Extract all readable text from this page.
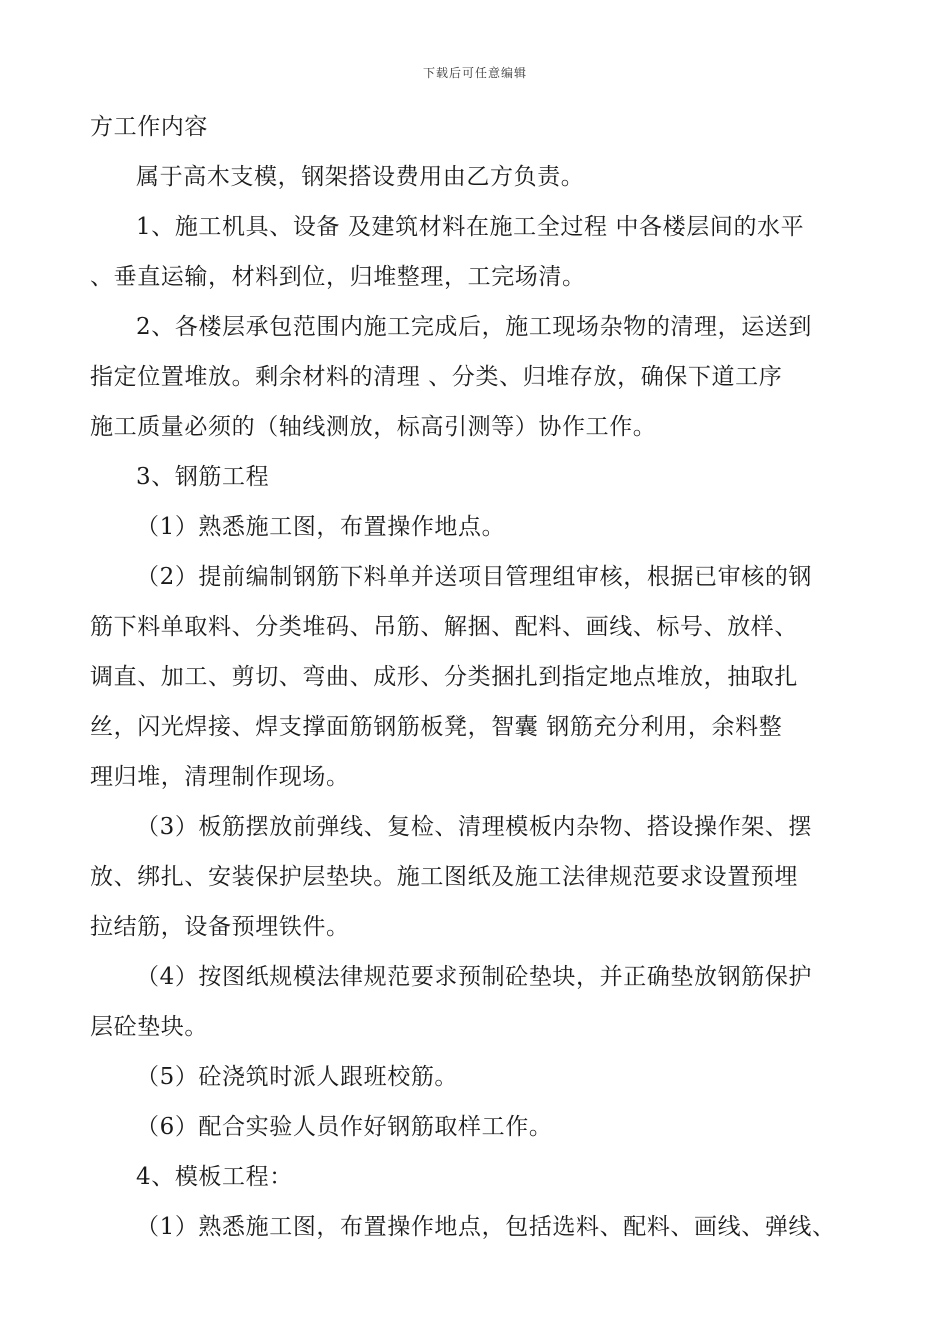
下载后可任意编辑
方工作内容
属于高木支模，钢架搭设费用由乙方负责。
1、施工机具、设备 及建筑材料在施工全过程 中各楼层间的水平
、垂直运输，材料到位，归堆整理，工完场清。
2、各楼层承包范围内施工完成后，施工现场杂物的清理，运送到
指定位置堆放。剩余材料的清理 、分类、归堆存放，确保下道工序
施工质量必须的（轴线测放，标高引测等）协作工作。
3、钢筋工程
（1）熟悉施工图，布置操作地点。
（2）提前编制钢筋下料单并送项目管理组审核，根据已审核的钢
筋下料单取料、分类堆码、吊筋、解捆、配料、画线、标号、放样、
调直、加工、剪切、弯曲、成形、分类捆扎到指定地点堆放，抽取扎
丝，闪光焊接、焊支撑面筋钢筋板凳，智囊 钢筋充分利用，余料整
理归堆，清理制作现场。
（3）板筋摆放前弹线、复检、清理模板内杂物、搭设操作架、摆
放、绑扎、安装保护层垫块。施工图纸及施工法律规范要求设置预埋
拉结筋，设备预埋铁件。
（4）按图纸规模法律规范要求预制砼垫块，并正确垫放钢筋保护
层砼垫块。
（5）砼浇筑时派人跟班校筋。
（6）配合实验人员作好钢筋取样工作。
4、模板工程：
（1）熟悉施工图，布置操作地点，包括选料、配料、画线、弹线、
